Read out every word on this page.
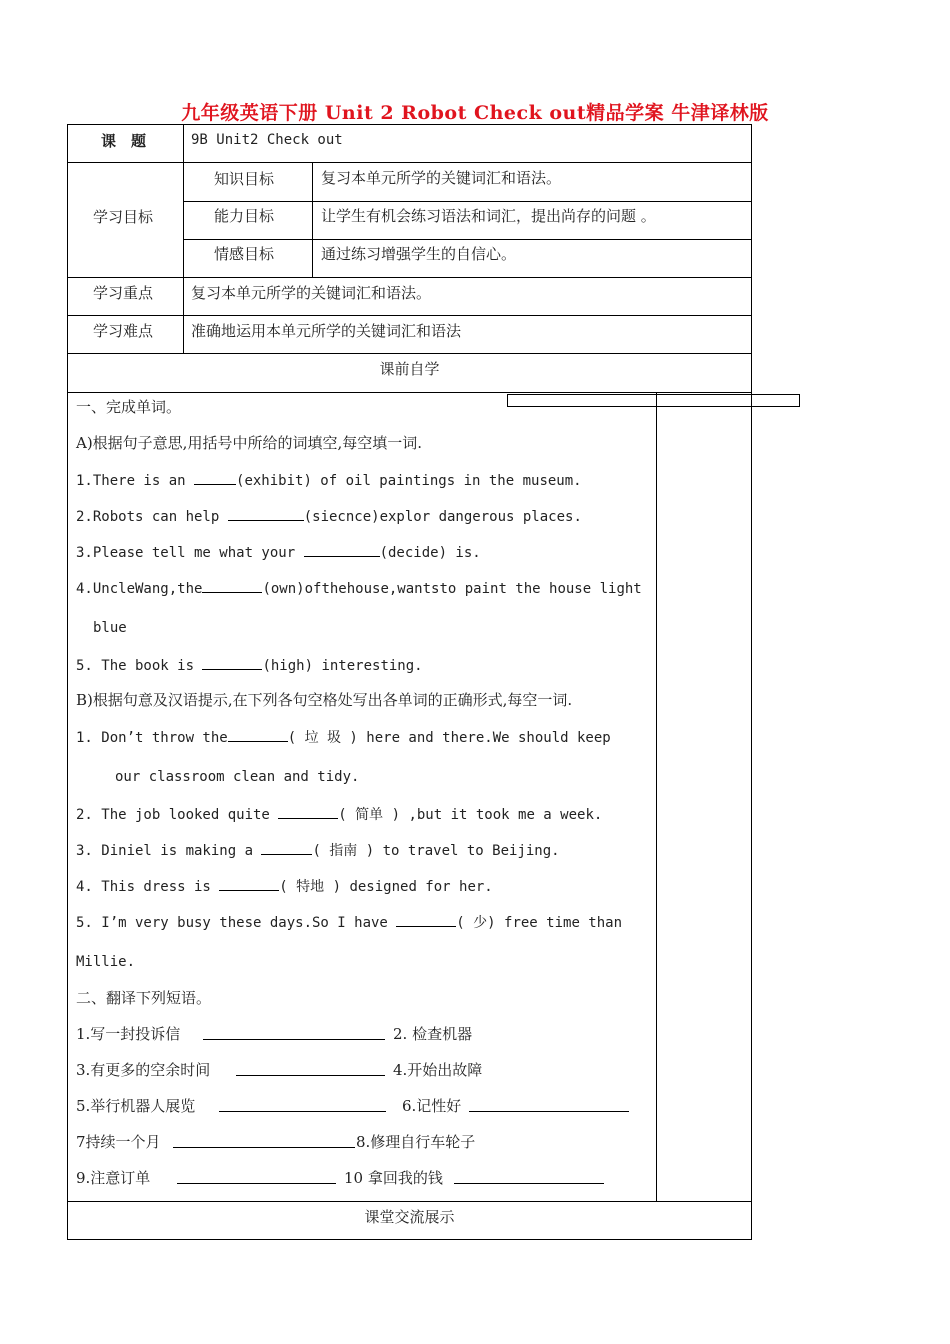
九年级英语下册 Unit 2 Robot Check out精品学案 牛津译林版
课　题	9B Unit2 Check out
学习目标
知识目标	复习本单元所学的关键词汇和语法。
能力目标	让学生有机会练习语法和词汇，提出尚存的问题 。
情感目标	通过练习增强学生的自信心。
学习重点	复习本单元所学的关键词汇和语法。
学习难点	准确地运用本单元所学的关键词汇和语法
课前自学
一、完成单词。
A)根据句子意思,用括号中所给的词填空,每空填一词.
1.There is an	(exhibit) of oil paintings in the museum.
2.Robots can help	(siecnce)explor dangerous places.
3.Please tell me what your	(decide) is.
4.UncleWang,the	(own)ofthehouse,wantsto paint the house light
blue
5. The book is	(high) interesting.
B)根据句意及汉语提示,在下列各句空格处写出各单词的正确形式,每空一词.
1. Don’t throw the	( 垃 圾 ) here and there.We should keep
our classroom clean and tidy.
2. The job looked quite	( 简单 ) ,but it took me a week.
3. Diniel is making a	( 指南 ) to travel to Beijing.
4. This dress is	( 特地 ) designed for her.
5. I’m very busy these days.So I have	( 少) free time than
Millie.
二、翻译下列短语。
1.写一封投诉信	2. 检查机器
3.有更多的空余时间	4.开始出故障
5.举行机器人展览	6.记性好
7持续一个月	8.修理自行车轮子
9.注意订单	10 拿回我的钱
课堂交流展示
